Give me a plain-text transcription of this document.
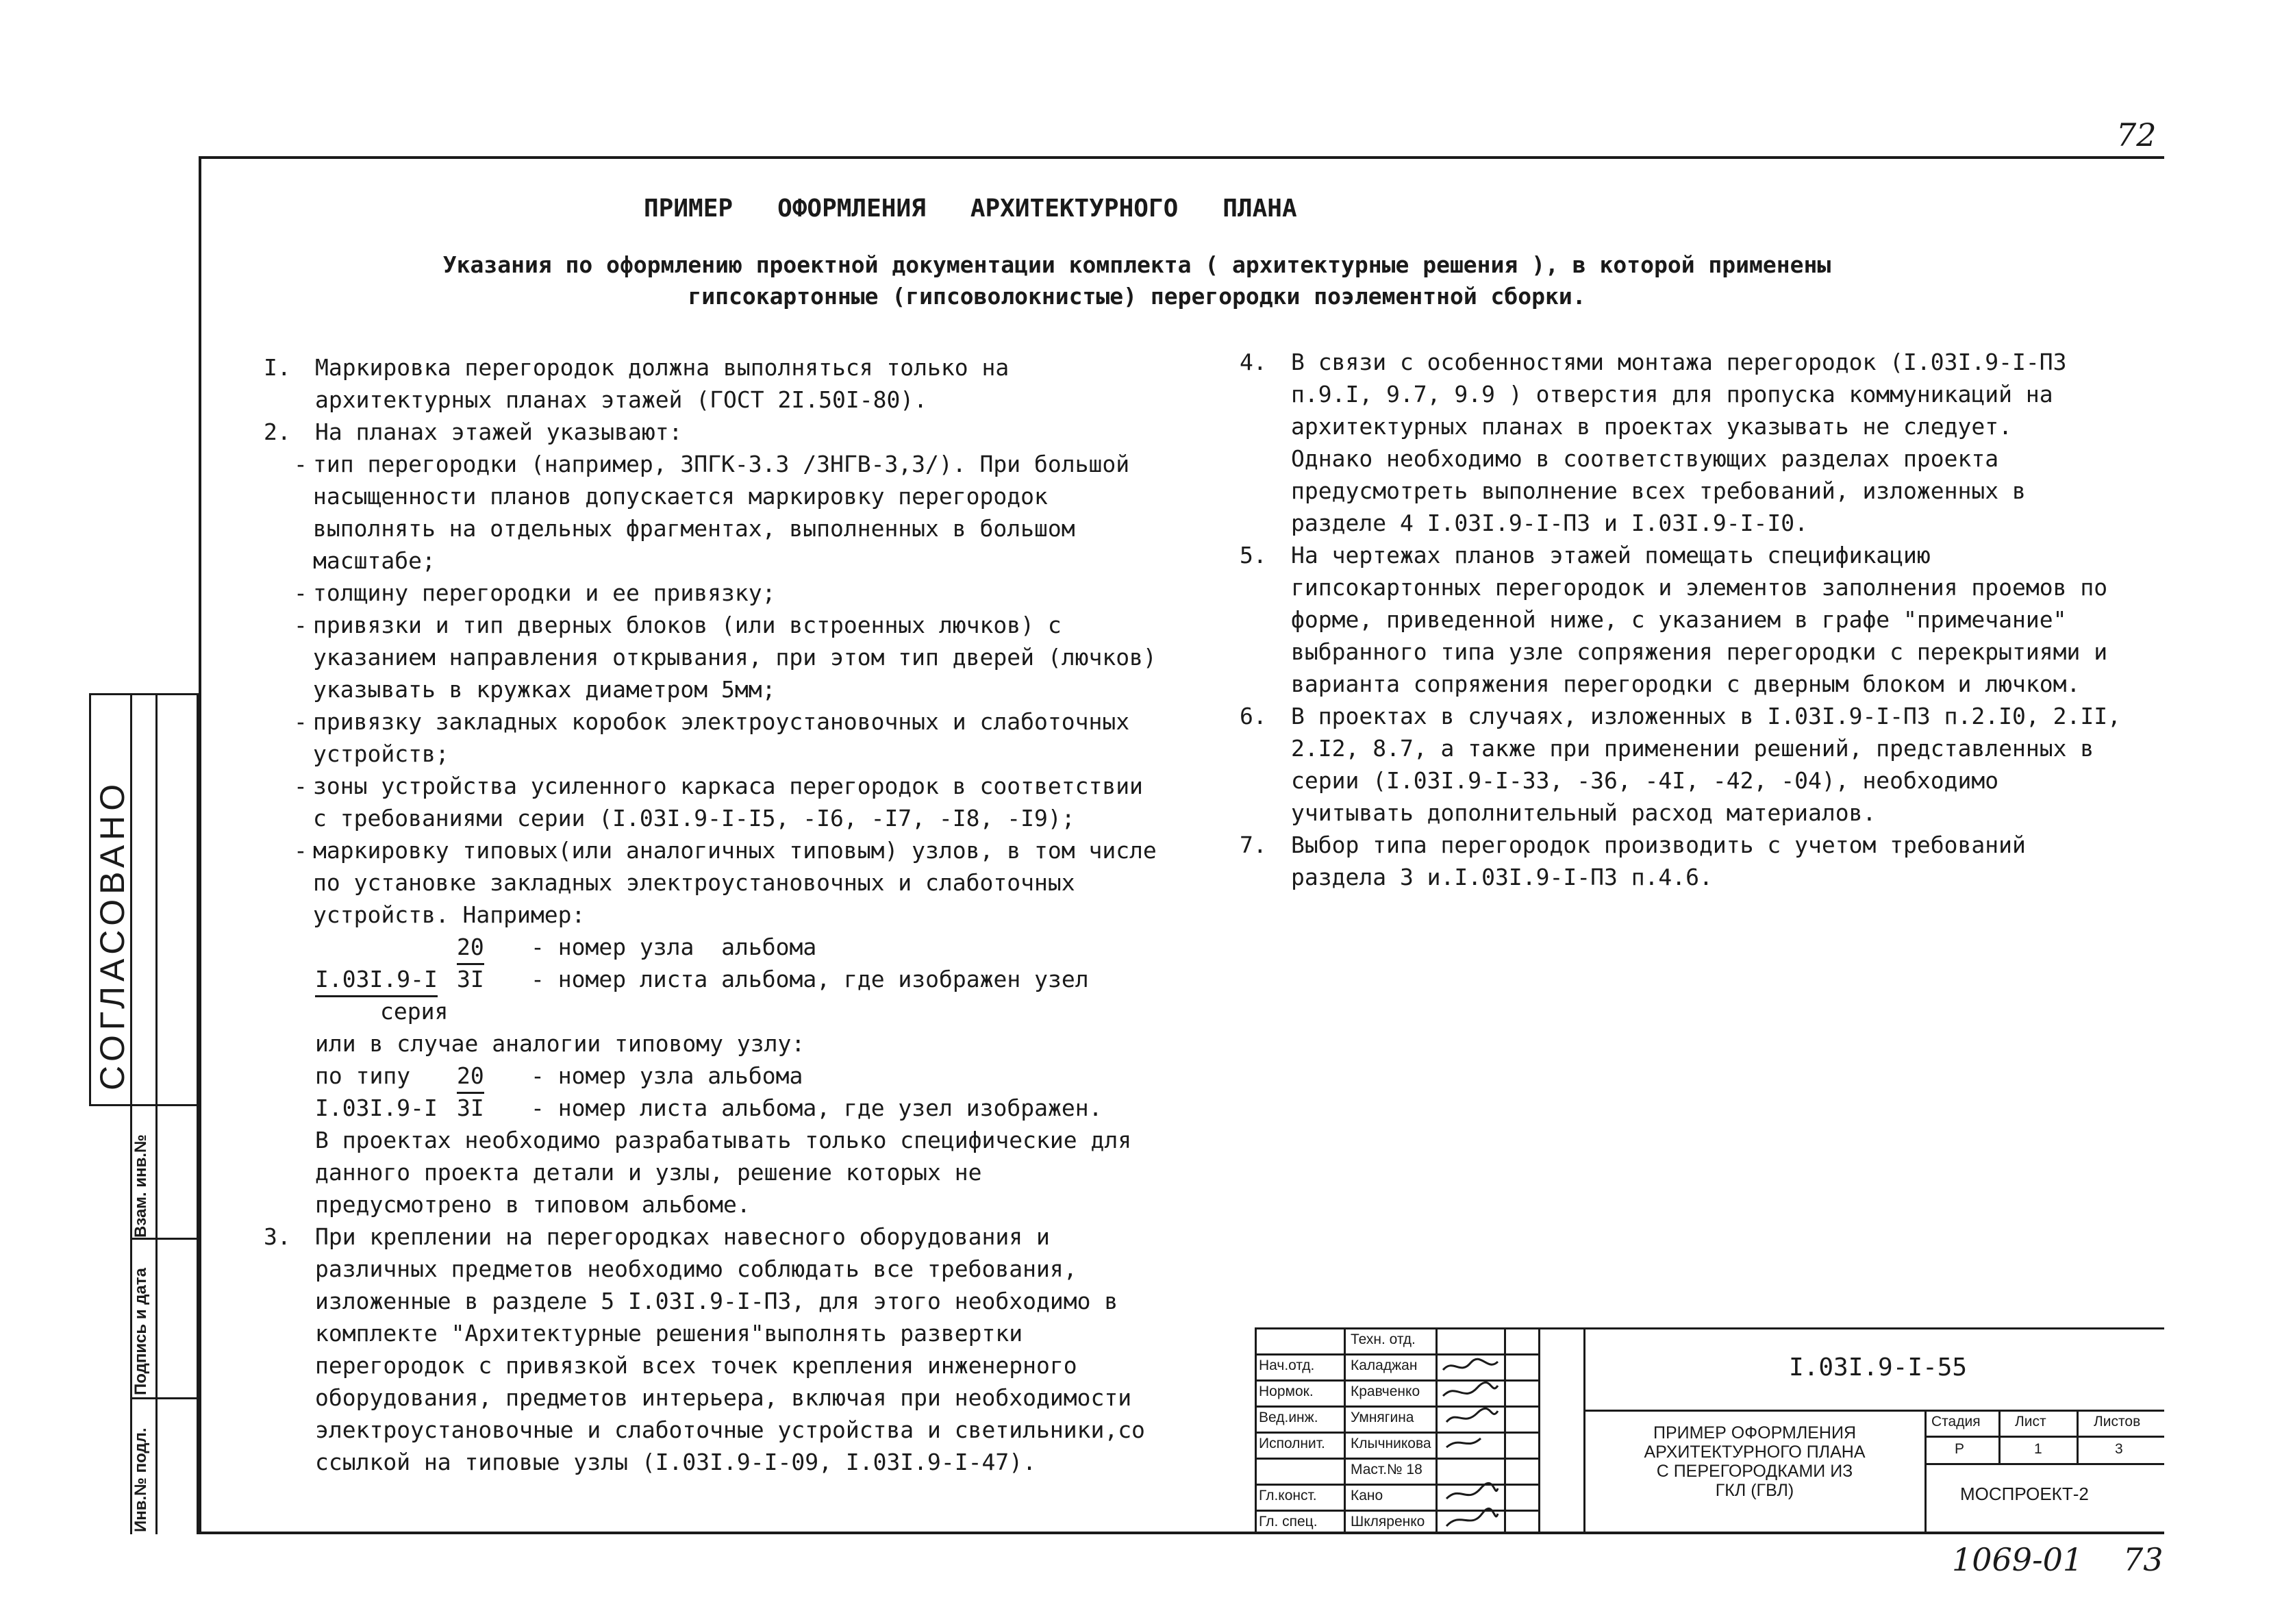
72
ПРИМЕР   ОФОРМЛЕНИЯ   АРХИТЕКТУРНОГО   ПЛАНА
Указания по оформлению проектной документации комплекта ( архитектурные решения ), в которой применены гипсокартонные (гипсоволокнистые) перегородки поэлементной сборки.
I.	Маркировка перегородок должна выполняться только на архитектурных планах этажей (ГОСТ 2I.50I-80).
2.	На планах этажей указывают:
- тип перегородки (например, 3ПГК-3.3 /3НГВ-3,3/). При большой насыщенности планов допускается маркировку перегородок выполнять на отдельных фрагментах, выполненных в большом масштабе;
- толщину перегородки и ее привязку;
- привязки и тип дверных блоков (или встроенных лючков) с указанием направления открывания, при этом тип дверей (лючков) указывать в кружках диаметром 5мм;
- привязку закладных коробок электроустановочных и слаботочных устройств;
- зоны устройства усиленного каркаса перегородок в соответствии с требованиями серии (I.03I.9-I-I5, -I6, -I7, -I8, -I9);
- маркировку типовых(или аналогичных типовым) узлов, в том числе по установке закладных электроустановочных и слаботочных устройств. Например:
20 - номер узла  альбома
I.03I.9-I 3I - номер листа альбома, где изображен узел
серия

или в случае аналогии типовому узлу:

по типу 20 - номер узла альбома
I.03I.9-I 3I - номер листа альбома, где узел изображен.

В проектах необходимо разрабатывать только специфические для данного проекта детали и узлы, решение которых не предусмотрено в типовом альбоме.

3.	При креплении на перегородках навесного оборудования и различных предметов необходимо соблюдать все требования, изложенные в разделе 5 I.03I.9-I-ПЗ, для этого необходимо в комплекте "Архитектурные решения"выполнять развертки перегородок с привязкой всех точек крепления инженерного оборудования, предметов интерьера, включая при необходимости электроустановочные и слаботочные устройства и светильники,со ссылкой на типовые узлы (I.03I.9-I-09, I.03I.9-I-47).
4.	В связи с особенностями монтажа перегородок (I.03I.9-I-ПЗ п.9.I, 9.7, 9.9 ) отверстия для пропуска коммуникаций на архитектурных планах в проектах указывать не следует.

Однако необходимо в соответствующих разделах проекта предусмотреть выполнение всех требований, изложенных в разделе 4 I.03I.9-I-ПЗ и I.03I.9-I-I0.

5.	На чертежах планов этажей помещать спецификацию гипсокартонных перегородок и элементов заполнения проемов по форме, приведенной ниже, с указанием в графе "примечание" выбранного типа узле сопряжения перегородки с перекрытиями и варианта сопряжения перегородки с дверным блоком и лючком.
6.	В проектах в случаях, изложенных в I.03I.9-I-ПЗ п.2.I0, 2.II, 2.I2, 8.7, а также при применении решений, представленных в серии (I.03I.9-I-33, -36, -4I, -42, -04), необходимо учитывать дополнительный расход материалов.
7.	Выбор типа перегородок производить с учетом требований раздела 3 и.I.03I.9-I-ПЗ п.4.6.
СОГЛАСОВАНО
Взам. инв.№
Подпись и дата
Инв.№ подл.
Техн. отд.
Нач.отд.	Каладжан
Нормок.	Кравченко
Вед.инж. Умнягина
Исполнит. Клычникова
Маст.№ 18
Гл.конст. Кано
Гл. спец. Шкляренко
I.03I.9-I-55
ПРИМЕР ОФОРМЛЕНИЯ
АРХИТЕКТУРНОГО ПЛАНА
С ПЕРЕГОРОДКАМИ ИЗ
ГКЛ (ГВЛ)
Стадия Лист	Листов
Р	1	3
МОСПРОЕКТ-2
1069-01 73
